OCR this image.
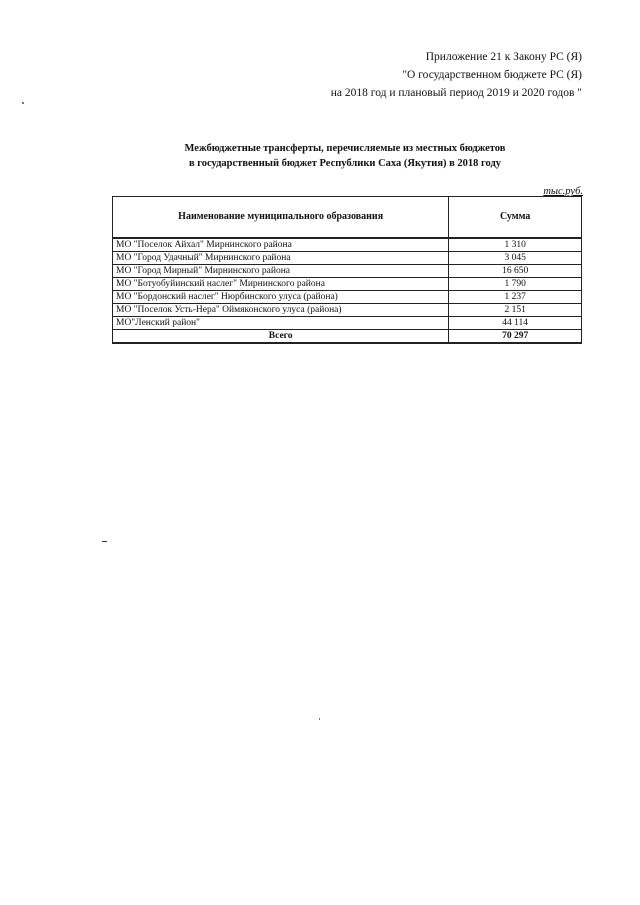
Приложение 21 к Закону РС (Я)
"О государственном бюджете РС (Я)
на 2018 год и плановый период 2019 и 2020 годов "
Межбюджетные трансферты, перечисляемые из местных бюджетов
в государственный бюджет Республики Саха (Якутия) в 2018 году
тыс.руб.
Наименование муниципального образования	Сумма
МО "Поселок Айхал" Мирнинского района	1 310
МО "Город Удачный" Мирнинского района	3 045
МО "Город Мирный" Мирнинского района	16 650
МО "Ботуобуйинский наслег" Мирнинского района	1 790
МО "Бордонский наслег" Нюрбинского улуса (района)	1 237
МО "Поселок Усть-Нера" Оймяконского улуса (района)	2 151
МО"Ленский район"	44 114
Всего	70 297
